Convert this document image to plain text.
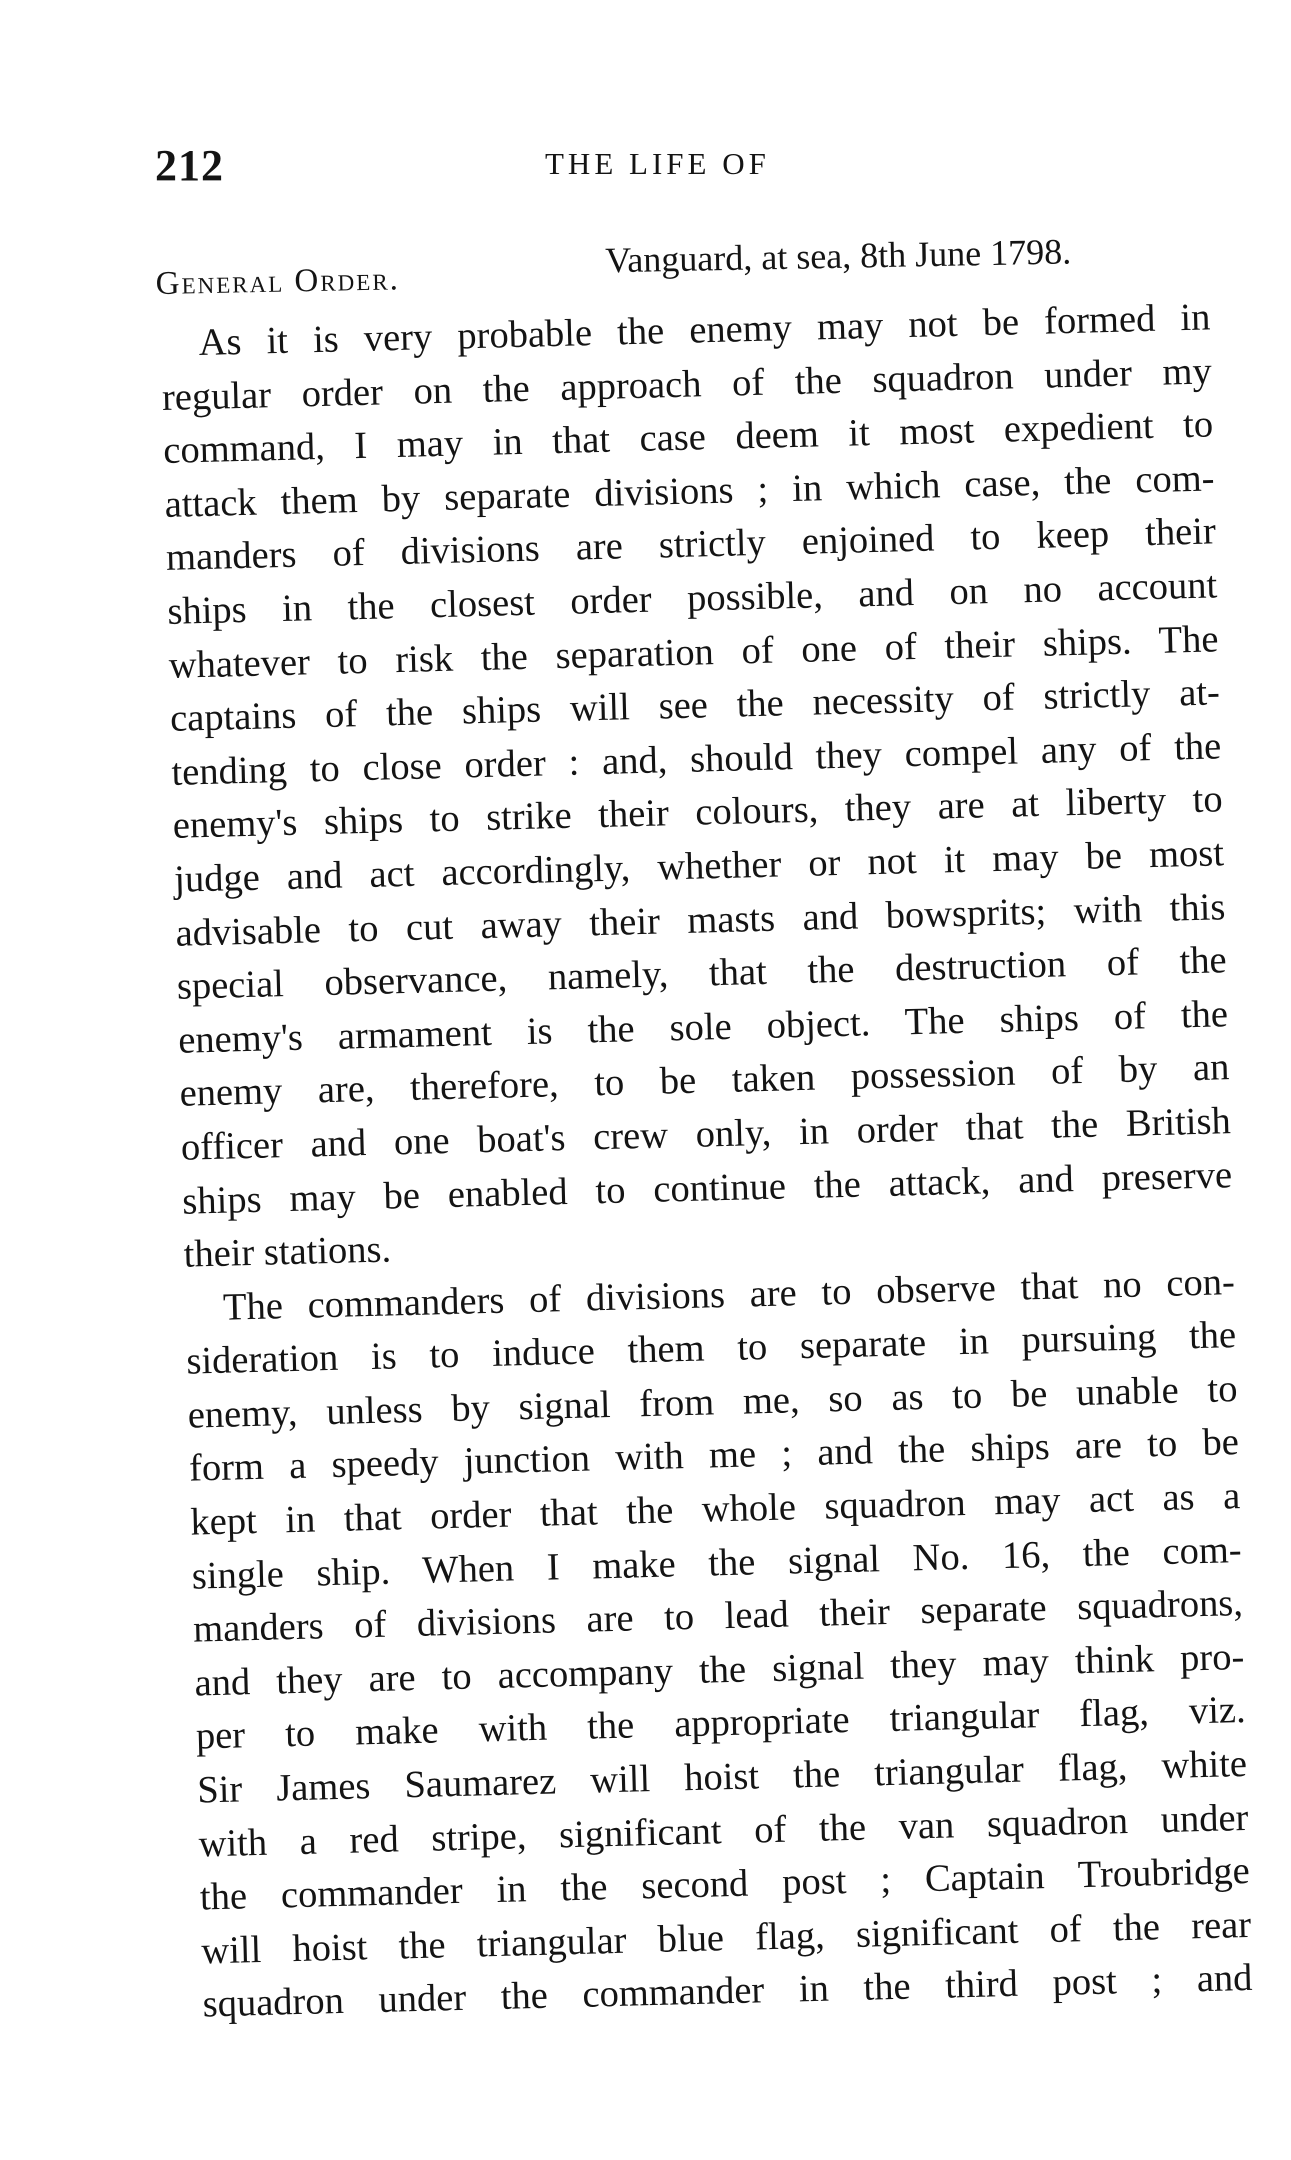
212	THE LIFE OF
General Order.
Vanguard, at sea, 8th June 1798.
As it is very probable the enemy may not be formed in
regular order on the approach of the squadron under my
command, I may in that case deem it most expedient to
attack them by separate divisions ; in which case, the com-
manders of divisions are strictly enjoined to keep their
ships in the closest order possible, and on no account
whatever to risk the separation of one of their ships. The
captains of the ships will see the necessity of strictly at-
tending to close order : and, should they compel any of the
enemy's ships to strike their colours, they are at liberty to
judge and act accordingly, whether or not it may be most
advisable to cut away their masts and bowsprits; with this
special observance, namely, that the destruction of the
enemy's armament is the sole object. The ships of the
enemy are, therefore, to be taken possession of by an
officer and one boat's crew only, in order that the British
ships may be enabled to continue the attack, and preserve
their stations.
The commanders of divisions are to observe that no con-
sideration is to induce them to separate in pursuing the
enemy, unless by signal from me, so as to be unable to
form a speedy junction with me ; and the ships are to be
kept in that order that the whole squadron may act as a
single ship. When I make the signal No. 16, the com-
manders of divisions are to lead their separate squadrons,
and they are to accompany the signal they may think pro-
per to make with the appropriate triangular flag, viz.
Sir James Saumarez will hoist the triangular flag, white
with a red stripe, significant of the van squadron under
the commander in the second post ; Captain Troubridge
will hoist the triangular blue flag, significant of the rear
squadron under the commander in the third post ; and
